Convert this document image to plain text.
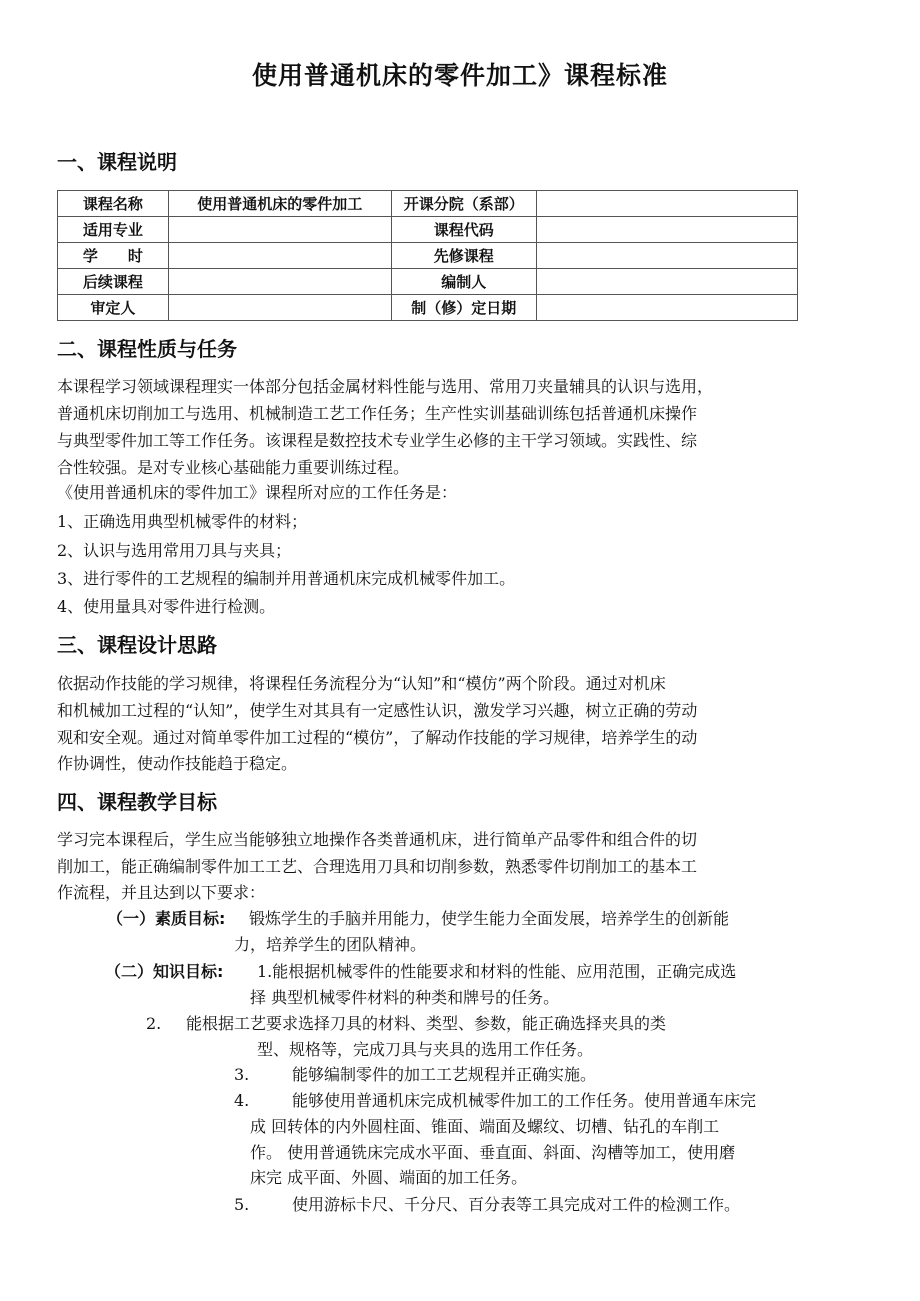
使用普通机床的零件加工》课程标准
一、课程说明
课程名称	使用普通机床的零件加工	开课分院（系部）	
适用专业		课程代码	
学　　时		先修课程	
后续课程		编制人	
审定人		制（修）定日期	
二、课程性质与任务
本课程学习领域课程理实一体部分包括金属材料性能与选用、常用刀夹量辅具的认识与选用，
普通机床切削加工与选用、机械制造工艺工作任务；生产性实训基础训练包括普通机床操作
与典型零件加工等工作任务。该课程是数控技术专业学生必修的主干学习领域。实践性、综
合性较强。是对专业核心基础能力重要训练过程。
《使用普通机床的零件加工》课程所对应的工作任务是：
1、正确选用典型机械零件的材料；
2、认识与选用常用刀具与夹具；
3、进行零件的工艺规程的编制并用普通机床完成机械零件加工。
4、使用量具对零件进行检测。
三、课程设计思路
依据动作技能的学习规律，将课程任务流程分为“认知”和“模仿”两个阶段。通过对机床
和机械加工过程的“认知”，使学生对其具有一定感性认识，激发学习兴趣，树立正确的劳动
观和安全观。通过对简单零件加工过程的“模仿”，了解动作技能的学习规律，培养学生的动
作协调性，使动作技能趋于稳定。
四、课程教学目标
学习完本课程后，学生应当能够独立地操作各类普通机床，进行简单产品零件和组合件的切
削加工，能正确编制零件加工工艺、合理选用刀具和切削参数，熟悉零件切削加工的基本工
作流程，并且达到以下要求：
（一）素质目标: 锻炼学生的手脑并用能力，使学生能力全面发展，培养学生的创新能
力，培养学生的团队精神。
（二）知识目标: 1.能根据机械零件的性能要求和材料的性能、应用范围，正确完成选
择 典型机械零件材料的种类和牌号的任务。
2. 能根据工艺要求选择刀具的材料、类型、参数，能正确选择夹具的类
型、规格等，完成刀具与夹具的选用工作任务。
3.	能够编制零件的加工工艺规程并正确实施。
4.	能够使用普通机床完成机械零件加工的工作任务。使用普通车床完
成 回转体的内外圆柱面、锥面、端面及螺纹、切槽、钻孔的车削工
作。 使用普通铣床完成水平面、垂直面、斜面、沟槽等加工，使用磨
床完 成平面、外圆、端面的加工任务。
5.	使用游标卡尺、千分尺、百分表等工具完成对工件的检测工作。
